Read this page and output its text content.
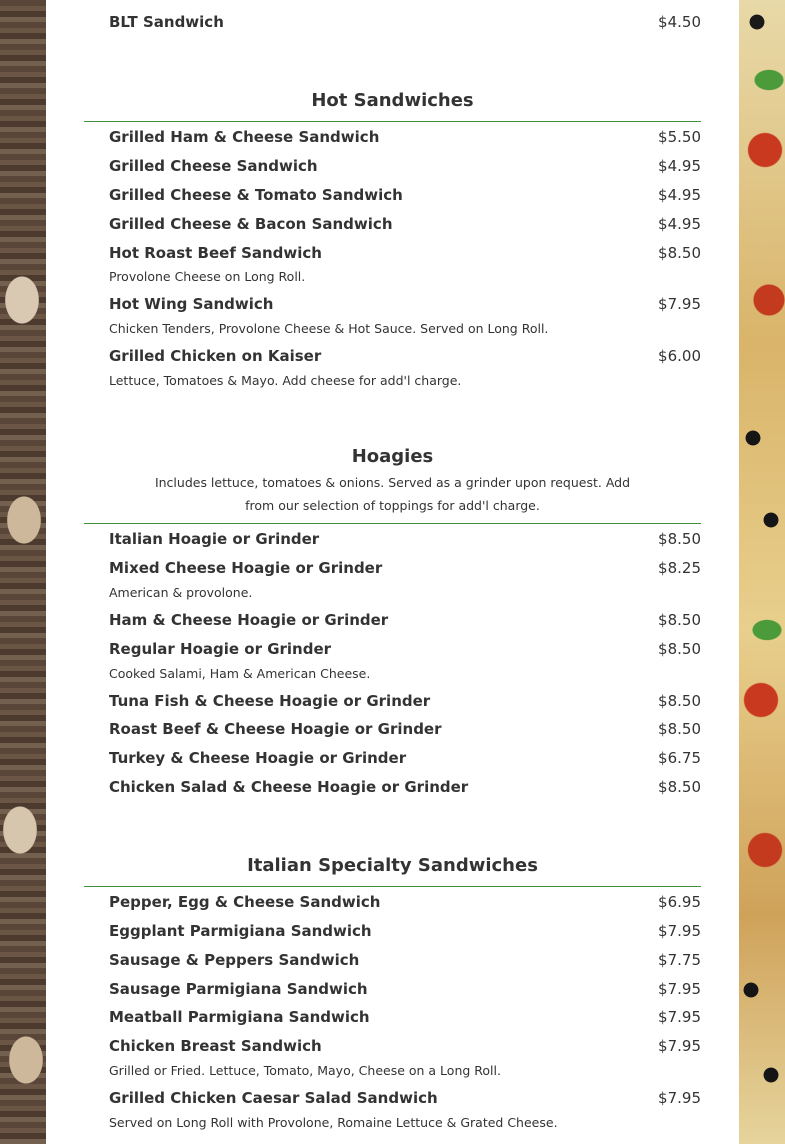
BLT Sandwich	$4.50
Hot Sandwiches
Grilled Ham & Cheese Sandwich	$5.50
Grilled Cheese Sandwich	$4.95
Grilled Cheese & Tomato Sandwich	$4.95
Grilled Cheese & Bacon Sandwich	$4.95
Hot Roast Beef Sandwich	$8.50
Provolone Cheese on Long Roll.
Hot Wing Sandwich	$7.95
Chicken Tenders, Provolone Cheese & Hot Sauce. Served on Long Roll.
Grilled Chicken on Kaiser	$6.00
Lettuce, Tomatoes & Mayo. Add cheese for add'l charge.
Hoagies
Includes lettuce, tomatoes & onions. Served as a grinder upon request. Add
from our selection of toppings for add'l charge.
Italian Hoagie or Grinder	$8.50
Mixed Cheese Hoagie or Grinder	$8.25
American & provolone.
Ham & Cheese Hoagie or Grinder	$8.50
Regular Hoagie or Grinder	$8.50
Cooked Salami, Ham & American Cheese.
Tuna Fish & Cheese Hoagie or Grinder	$8.50
Roast Beef & Cheese Hoagie or Grinder	$8.50
Turkey & Cheese Hoagie or Grinder	$6.75
Chicken Salad & Cheese Hoagie or Grinder	$8.50
Italian Specialty Sandwiches
Pepper, Egg & Cheese Sandwich	$6.95
Eggplant Parmigiana Sandwich	$7.95
Sausage & Peppers Sandwich	$7.75
Sausage Parmigiana Sandwich	$7.95
Meatball Parmigiana Sandwich	$7.95
Chicken Breast Sandwich	$7.95
Grilled or Fried. Lettuce, Tomato, Mayo, Cheese on a Long Roll.
Grilled Chicken Caesar Salad Sandwich	$7.95
Served on Long Roll with Provolone, Romaine Lettuce & Grated Cheese.
